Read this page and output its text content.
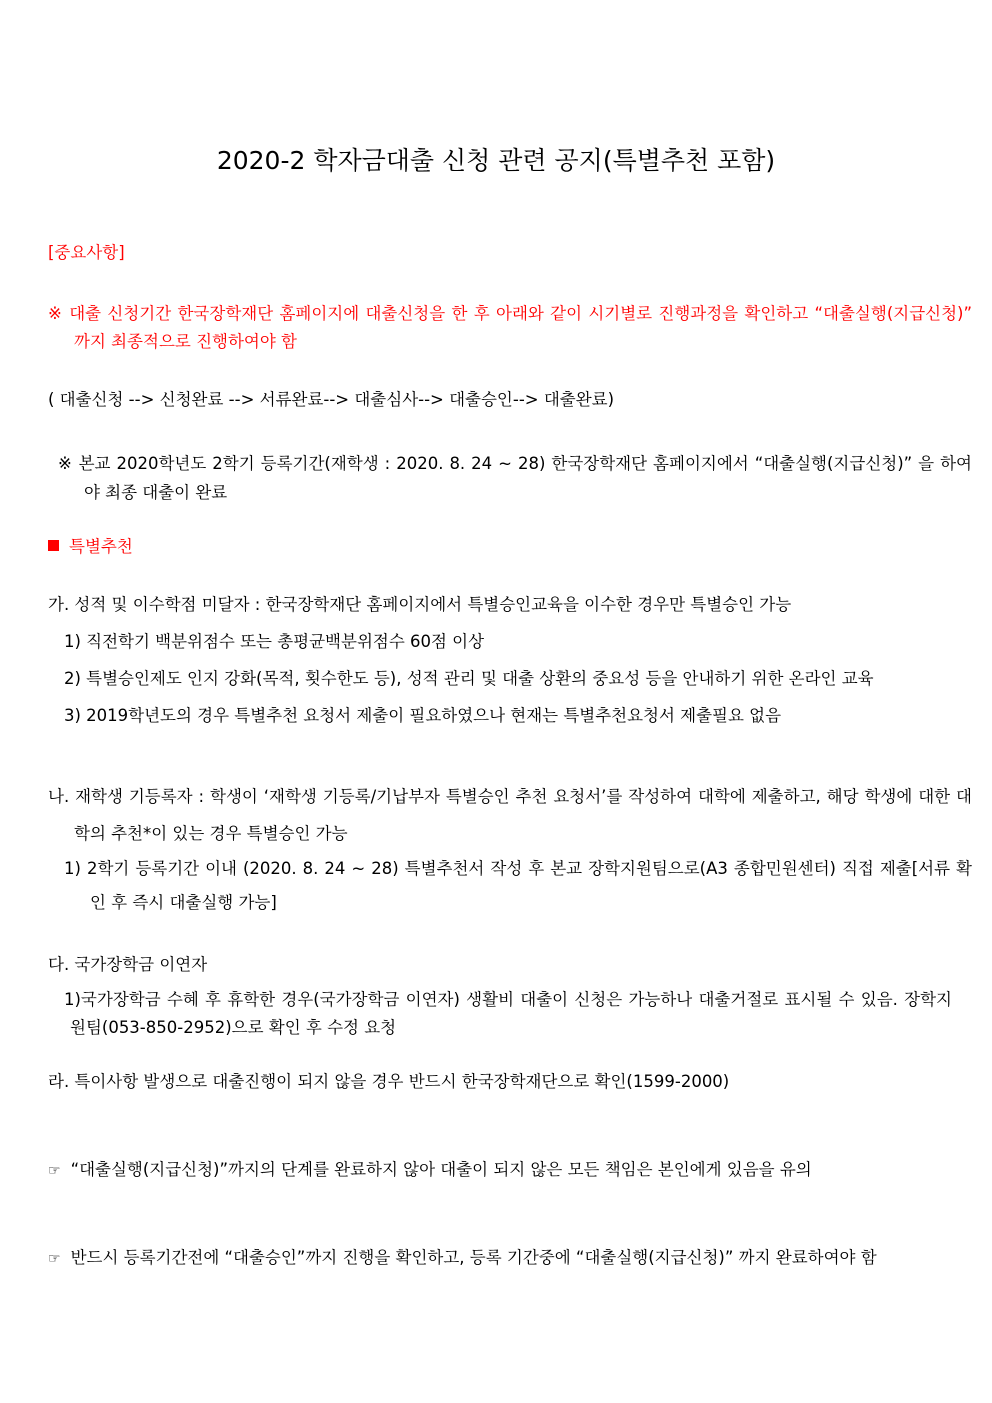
2020-2 학자금대출 신청 관련 공지(특별추천 포함)
[중요사항]
※ 대출 신청기간 한국장학재단 홈페이지에 대출신청을 한 후 아래와 같이 시기별로 진행과정을 확인하고 “대출실행(지급신청)” 까지 최종적으로 진행하여야 함
( 대출신청 --> 신청완료 --> 서류완료--> 대출심사--> 대출승인--> 대출완료)
※ 본교 2020학년도 2학기 등록기간(재학생 : 2020. 8. 24 ~ 28) 한국장학재단 홈페이지에서 “대출실행(지급신청)” 을 하여야 최종 대출이 완료
특별추천
가. 성적 및 이수학점 미달자 : 한국장학재단 홈페이지에서 특별승인교육을 이수한 경우만 특별승인 가능
1) 직전학기 백분위점수 또는 총평균백분위점수 60점 이상
2) 특별승인제도 인지 강화(목적, 횟수한도 등), 성적 관리 및 대출 상환의 중요성 등을 안내하기 위한 온라인 교육
3) 2019학년도의 경우 특별추천 요청서 제출이 필요하였으나 현재는 특별추천요청서 제출필요 없음
나. 재학생 기등록자 : 학생이 ‘재학생 기등록/기납부자 특별승인 추천 요청서’를 작성하여 대학에 제출하고, 해당 학생에 대한 대학의 추천*이 있는 경우 특별승인 가능
1) 2학기 등록기간 이내 (2020. 8. 24 ~ 28) 특별추천서 작성 후 본교 장학지원팀으로(A3 종합민원센터) 직접 제출[서류 확인 후 즉시 대출실행 가능]
다. 국가장학금 이연자
1)국가장학금 수혜 후 휴학한 경우(국가장학금 이연자) 생활비 대출이 신청은 가능하나 대출거절로 표시될 수 있음. 장학지원팀(053-850-2952)으로 확인 후 수정 요청
라. 특이사항 발생으로 대출진행이 되지 않을 경우 반드시 한국장학재단으로 확인(1599-2000)
☞ “대출실행(지급신청)”까지의 단계를 완료하지 않아 대출이 되지 않은 모든 책임은 본인에게 있음을 유의
☞ 반드시 등록기간전에 “대출승인”까지 진행을 확인하고, 등록 기간중에 “대출실행(지급신청)” 까지 완료하여야 함
